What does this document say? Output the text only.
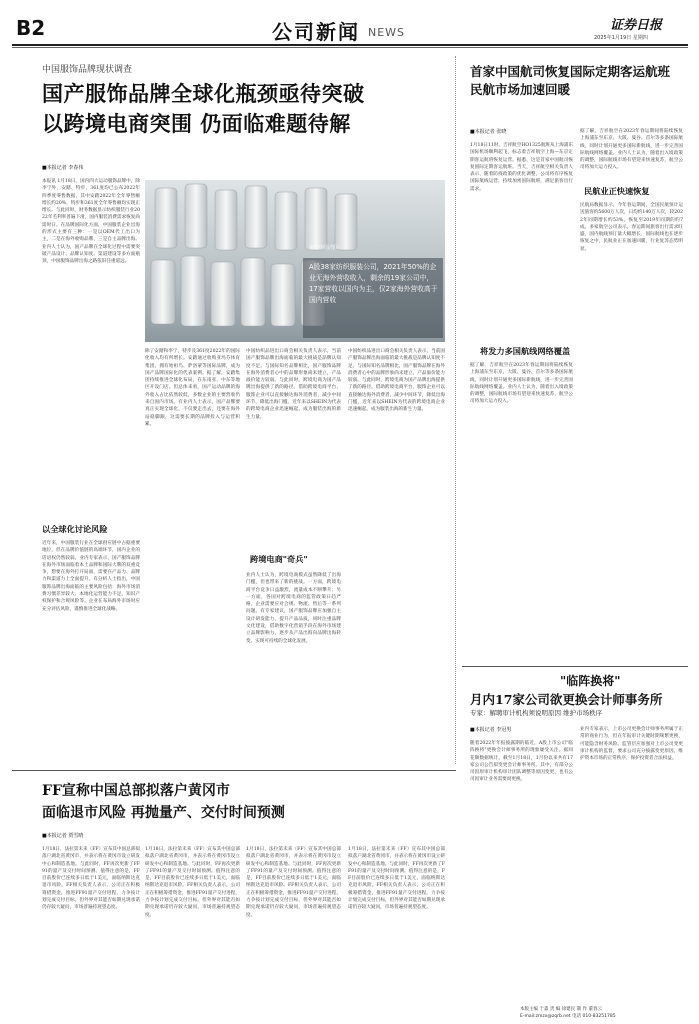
B2	公司新闻 NEWS	证券日报
2025年1月19日 星期四
中国服饰品牌现状调查
国产服饰品牌全球化瓶颈亟待突破
以跨境电商突围 仍面临难题待解
■本报记者 李春伟
A股38家纺织服装公司，2021年50%的企业无海外营收收入，剩余的19家公司中，17家营收以国内为主，仅2家海外营收高于国内营收
视觉中国/图片
本报讯 1月18日，国内四大运动服饰品牌中，除李宁外，安踏、特步、361度均已公布2022年四季度零售数据，其中安踏2022年全年零售额增长约20%，特步和361度全年零售额均实现正增长。与此同时，财务数据显示纺织服装行业2022年毛利率普遍下滑，国内服装消费需求恢复尚需时日。在品牌国际化方面，中国服装企业出海的形式主要有三种：一是以OEM代工出口为主，二是在海外收购品牌，三是自主品牌出海。业内人士认为，国产品牌在全球化过程中需要突破产品设计、品牌认知度、渠道建设等多方面瓶颈，中国服饰品牌出海之路依旧任重道远。
以全球化讨论风险
近年来，中国服装行业在全球供应链中占据重要地位，但在品牌价值链的高端环节，国内企业的话语权仍然较弱。业内专家表示，国产服饰品牌在海外市场面临着本土品牌和国际大牌的双重竞争，想要在海外打开局面，需要在产品力、品牌力和渠道力上全面提升。有分析人士指出，中国服饰品牌出海面临的主要风险包括：海外市场消费习惯差异较大、本地化运营能力不足、知识产权保护和合规风险等。企业在布局海外市场时应充分评估风险，谨慎推进全球化战略。
除了安踏和李宁，特步及361度2022年的国际化收入均有所增长。安踏通过收购亚玛芬体育集团，拥有始祖鸟、萨洛蒙等国际品牌，成为国产品牌国际化的代表案例。据了解，安踏集团持续推进全球化布局，在东南亚、中东等地区开设门店。但总体来看，国产运动品牌的海外收入占比依然较低，多数企业的主要营收仍来自国内市场。有业内人士表示，国产品牌要真正实现全球化，不仅要走出去，还要在海外站稳脚跟，这需要长期的品牌投入与运营积累。
中国纺织品进出口商会相关负责人表示，当前国产服饰品牌出海面临的最大挑战是品牌认知度不足。与国际知名品牌相比，国产服饰品牌在海外消费者心中的品牌形象尚未建立，产品溢价能力较弱。与此同时，跨境电商为国产品牌出海提供了新的路径。借助跨境电商平台，服饰企业可以直接触达海外消费者，减少中间环节，降低出海门槛，近年来以SHEIN为代表的跨境电商企业迅速崛起，成为服装出海的新生力量。
跨境电商"奇兵"
业内人士认为，跨境电商模式虽然降低了出海门槛，但也带来了新的挑战。一方面，跨境电商平台竞争日益激烈，流量成本不断攀升；另一方面，各国对跨境电商的监管政策日趋严格，企业需要应对合规、物流、售后等一系列问题。有专家建议，国产服饰品牌应加强自主设计研发能力，提升产品品质，同时注重品牌文化建设，借助数字化营销手段在海外市场建立品牌影响力，逐步从产品出海向品牌出海转变，实现可持续的全球化发展。
中国纺织品进出口商会相关负责人表示，当前国产服饰品牌出海面临的最大挑战是品牌认知度不足。与国际知名品牌相比，国产服饰品牌在海外消费者心中的品牌形象尚未建立，产品溢价能力较弱。与此同时，跨境电商为国产品牌出海提供了新的路径。借助跨境电商平台，服饰企业可以直接触达海外消费者，减少中间环节，降低出海门槛，近年来以SHEIN为代表的跨境电商企业迅速崛起，成为服装出海的新生力量。
首家中国航司恢复国际定期客运航班
民航市场加速回暖
■本报记者 张晓
1月18日11时，吉祥航空HO1325航班从上海浦东国际机场顺利起飞，标志着吉祥航空上海—东京定期客运航班恢复运营。据悉，这是首家中国航司恢复国际定期客运航班。当天，吉祥航空相关负责人表示，随着防疫政策的优化调整，公司将有序恢复国际航线运营，持续加密国际航班，满足旅客出行需求。
将发力多国航线网络覆盖
据了解，吉祥航空在2023年春运期间将陆续恢复上海浦东至东京、大阪、曼谷、首尔等多条国际航线，同时计划开通更多国际新航线，进一步完善国际航线网络覆盖。业内人士认为，随着出入境政策的调整，国际航线市场有望迎来快速复苏，航空公司将加大运力投入。
据了解，吉祥航空在2023年春运期间将陆续恢复上海浦东至东京、大阪、曼谷、首尔等多条国际航线，同时计划开通更多国际新航线，进一步完善国际航线网络覆盖。业内人士认为，随着出入境政策的调整，国际航线市场有望迎来快速复苏，航空公司将加大运力投入。
民航业正快速恢复
民航局数据显示，今年春运期间，全国民航预计运送旅客约5600万人次，日均约140万人次，较2022年同期增长约53%，恢复至2019年同期的约7成。多家航空公司表示，春运期间旅客出行需求旺盛，国内航线预订量大幅增长，国际航线也在逐步恢复之中，民航业正在加速回暖，行业复苏态势明显。
"临阵换将"
月内17家公司欲更换会计师事务所
专家：解聘审计机构须说明原因 维护市场秩序
■本报记者 李冠男
随着2022年年报披露期的临近，A股上市公司"临阵换将"更换会计师事务所的现象屡受关注。据同花顺数据统计，截至1月18日，1月份以来共有17家公司公告拟变更会计师事务所。其中，有部分公司因原审计机构审计团队调整等原因变更，也有公司因审计业务需要而更换。
业内专家表示，上市公司更换会计师事务所属于正常的商业行为，但在年报审计关键时期频繁更换，可能隐含财务风险。监管层应加强对上市公司变更审计机构的监督，要求公司充分披露变更原因，维护资本市场的正常秩序，保护投资者合法权益。
FF宣称中国总部拟落户黄冈市
面临退市风险 再抛量产、交付时间预测
■本报记者 贾雪晴
1月18日，法拉第未来（FF）宣布其中国总部拟落户湖北省黄冈市，并表示将在黄冈市设立研发中心和制造基地。与此同时，FF再次更新了FF91的量产及交付时间预测。值得注意的是，FF目前股价已连续多日低于1美元，面临纳斯达克退市风险。FF相关负责人表示，公司正在积极筹措资金，推进FF91量产交付进程，力争按计划完成交付目标，但外界对其能否如期兑现承诺仍存较大疑问，市场普遍持观望态度。
1月18日，法拉第未来（FF）宣布其中国总部拟落户湖北省黄冈市，并表示将在黄冈市设立研发中心和制造基地。与此同时，FF再次更新了FF91的量产及交付时间预测。值得注意的是，FF目前股价已连续多日低于1美元，面临纳斯达克退市风险。FF相关负责人表示，公司正在积极筹措资金，推进FF91量产交付进程，力争按计划完成交付目标，但外界对其能否如期兑现承诺仍存较大疑问，市场普遍持观望态度。
1月18日，法拉第未来（FF）宣布其中国总部拟落户湖北省黄冈市，并表示将在黄冈市设立研发中心和制造基地。与此同时，FF再次更新了FF91的量产及交付时间预测。值得注意的是，FF目前股价已连续多日低于1美元，面临纳斯达克退市风险。FF相关负责人表示，公司正在积极筹措资金，推进FF91量产交付进程，力争按计划完成交付目标，但外界对其能否如期兑现承诺仍存较大疑问，市场普遍持观望态度。
1月18日，法拉第未来（FF）宣布其中国总部拟落户湖北省黄冈市，并表示将在黄冈市设立研发中心和制造基地。与此同时，FF再次更新了FF91的量产及交付时间预测。值得注意的是，FF目前股价已连续多日低于1美元，面临纳斯达克退市风险。FF相关负责人表示，公司正在积极筹措资金，推进FF91量产交付进程，力争按计划完成交付目标，但外界对其能否如期兑现承诺仍存较大疑问，市场普遍持观望态度。
本版主编 于淼 责 编 徐建民 制 作 董春云
E-mail:zmzx@zqrb.net 电话 010-83251785
